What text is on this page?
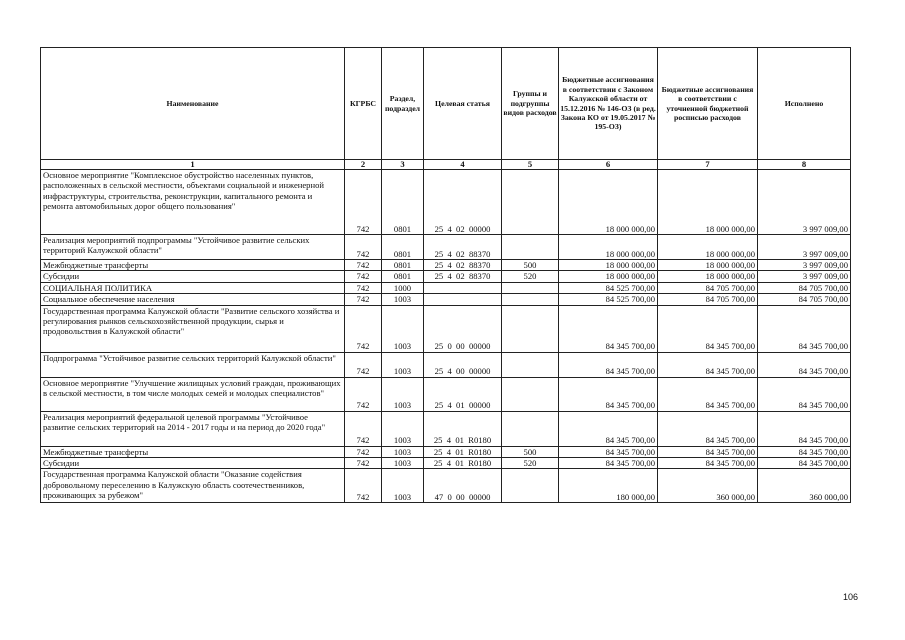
Наименование	КГРБС	Раздел, подраздел	Целевая статья	Группы и подгруппы видов расходов	Бюджетные ассигнования в соответствии с Законом Калужской области от 15.12.2016 № 146-ОЗ (в ред. Закона КО от 19.05.2017 № 195-ОЗ)	Бюджетные ассигнования в соответствии с уточненной бюджетной росписью расходов	Исполнено
1	2	3	4	5	6	7	8
Основное мероприятие "Комплексное обустройство населенных пунктов, расположенных в сельской местности, объектами социальной и инженерной инфраструктуры, строительства, реконструкции, капитального ремонта и ремонта автомобильных дорог общего пользования"	742	0801	25  4  02  00000		18 000 000,00	18 000 000,00	3 997 009,00
Реализация мероприятий подпрограммы "Устойчивое развитие сельских территорий Калужской области"	742	0801	25  4  02  88370		18 000 000,00	18 000 000,00	3 997 009,00
Межбюджетные трансферты	742	0801	25  4  02  88370	500	18 000 000,00	18 000 000,00	3 997 009,00
Субсидии	742	0801	25  4  02  88370	520	18 000 000,00	18 000 000,00	3 997 009,00
СОЦИАЛЬНАЯ ПОЛИТИКА	742	1000			84 525 700,00	84 705 700,00	84 705 700,00
Социальное обеспечение населения	742	1003			84 525 700,00	84 705 700,00	84 705 700,00
Государственная программа Калужской области "Развитие сельского хозяйства и регулирования рынков сельскохозяйственной продукции, сырья и продовольствия в Калужской области"	742	1003	25  0  00  00000		84 345 700,00	84 345 700,00	84 345 700,00
Подпрограмма "Устойчивое развитие сельских территорий Калужской области"	742	1003	25  4  00  00000		84 345 700,00	84 345 700,00	84 345 700,00
Основное мероприятие "Улучшение жилищных условий граждан, проживающих в сельской местности, в том числе молодых семей и молодых специалистов"	742	1003	25  4  01  00000		84 345 700,00	84 345 700,00	84 345 700,00
Реализация мероприятий федеральной целевой программы "Устойчивое развитие сельских территорий на 2014 - 2017 годы и на период до 2020 года"	742	1003	25  4  01  R0180		84 345 700,00	84 345 700,00	84 345 700,00
Межбюджетные трансферты	742	1003	25  4  01  R0180	500	84 345 700,00	84 345 700,00	84 345 700,00
Субсидии	742	1003	25  4  01  R0180	520	84 345 700,00	84 345 700,00	84 345 700,00
Государственная программа Калужской области "Оказание содействия добровольному переселению в Калужскую область соотечественников, проживающих за рубежом"	742	1003	47  0  00  00000		180 000,00	360 000,00	360 000,00
106
